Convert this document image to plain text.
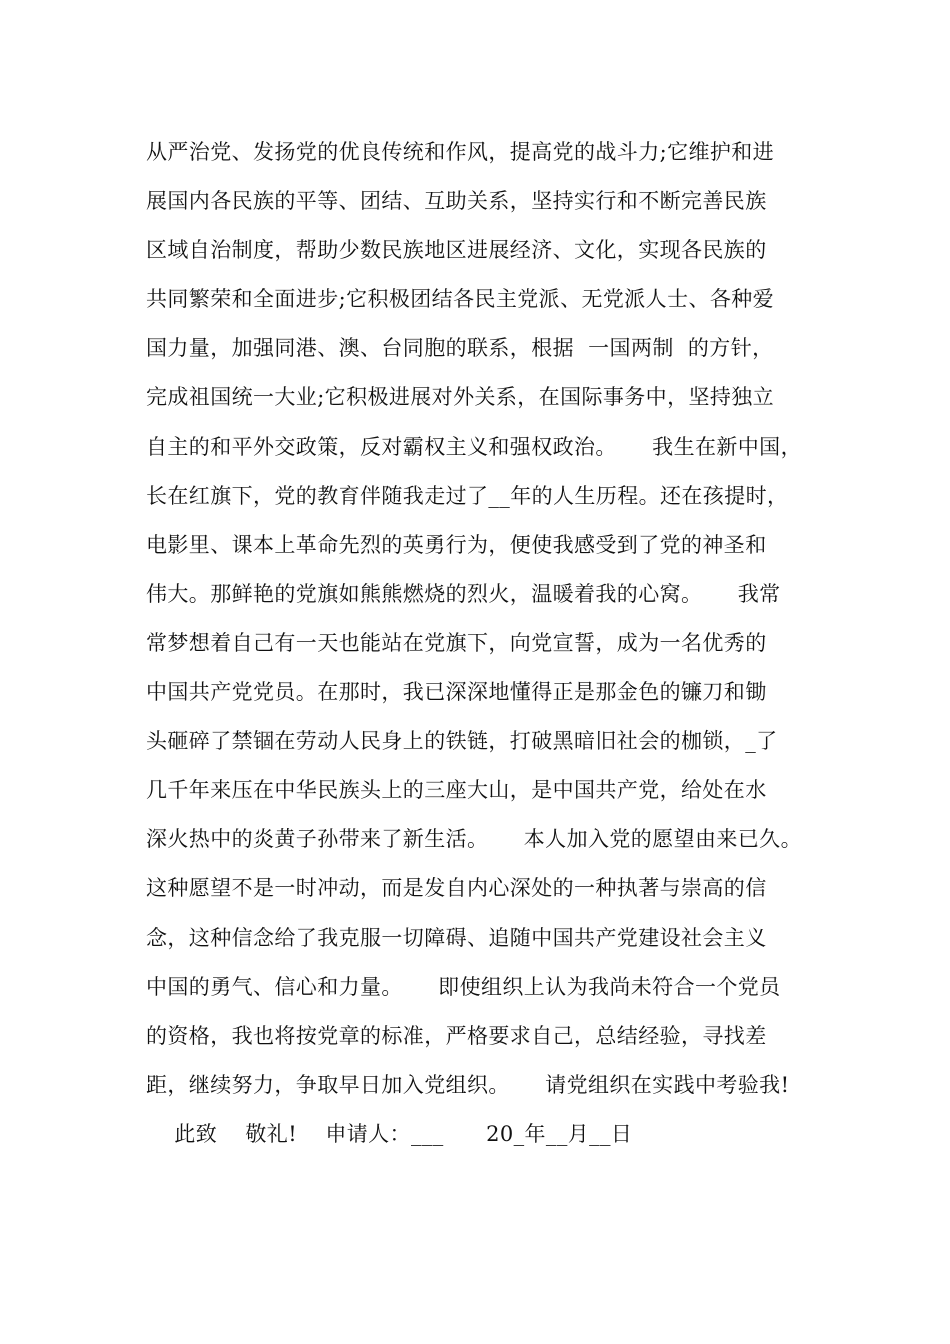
从严治党、发扬党的优良传统和作风，提高党的战斗力;它维护和进
展国内各民族的平等、团结、互助关系，坚持实行和不断完善民族
区域自治制度，帮助少数民族地区进展经济、文化，实现各民族的
共同繁荣和全面进步;它积极团结各民主党派、无党派人士、各种爱
国力量，加强同港、澳、台同胞的联系，根据  一国两制  的方针，
完成祖国统一大业;它积极进展对外关系，在国际事务中，坚持独立
自主的和平外交政策，反对霸权主义和强权政治。     我生在新中国，
长在红旗下，党的教育伴随我走过了__年的人生历程。还在孩提时，
电影里、课本上革命先烈的英勇行为，便使我感受到了党的神圣和
伟大。那鲜艳的党旗如熊熊燃烧的烈火，温暖着我的心窝。     我常
常梦想着自己有一天也能站在党旗下，向党宣誓，成为一名优秀的
中国共产党党员。在那时，我已深深地懂得正是那金色的镰刀和锄
头砸碎了禁锢在劳动人民身上的铁链，打破黑暗旧社会的枷锁，_了
几千年来压在中华民族头上的三座大山，是中国共产党，给处在水
深火热中的炎黄子孙带来了新生活。     本人加入党的愿望由来已久。
这种愿望不是一时冲动，而是发自内心深处的一种执著与崇高的信
念，这种信念给了我克服一切障碍、追随中国共产党建设社会主义
中国的勇气、信心和力量。     即使组织上认为我尚未符合一个党员
的资格，我也将按党章的标准，严格要求自己，总结经验，寻找差
距，继续努力，争取早日加入党组织。     请党组织在实践中考验我!
此致    敬礼!    申请人：___      20_年__月__日
